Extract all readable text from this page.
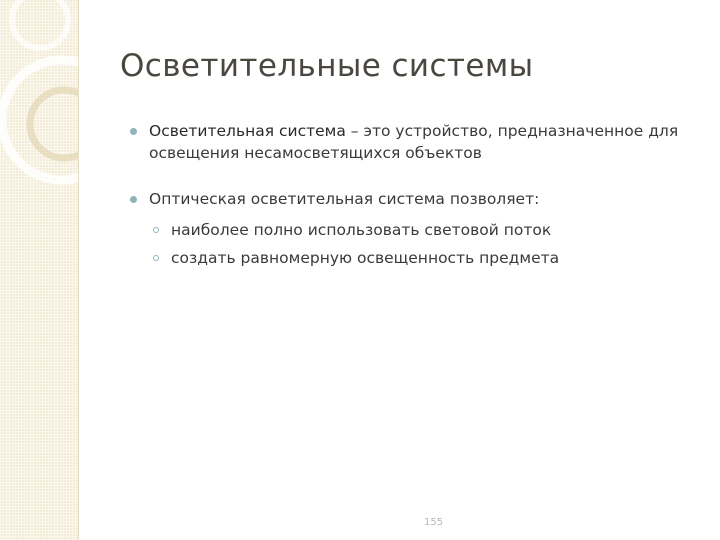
Осветительные системы
Осветительная система – это устройство, предназначенное для освещения несамосветящихся объектов
Оптическая осветительная система позволяет:
наиболее полно использовать световой поток
создать равномерную освещенность предмета
155
